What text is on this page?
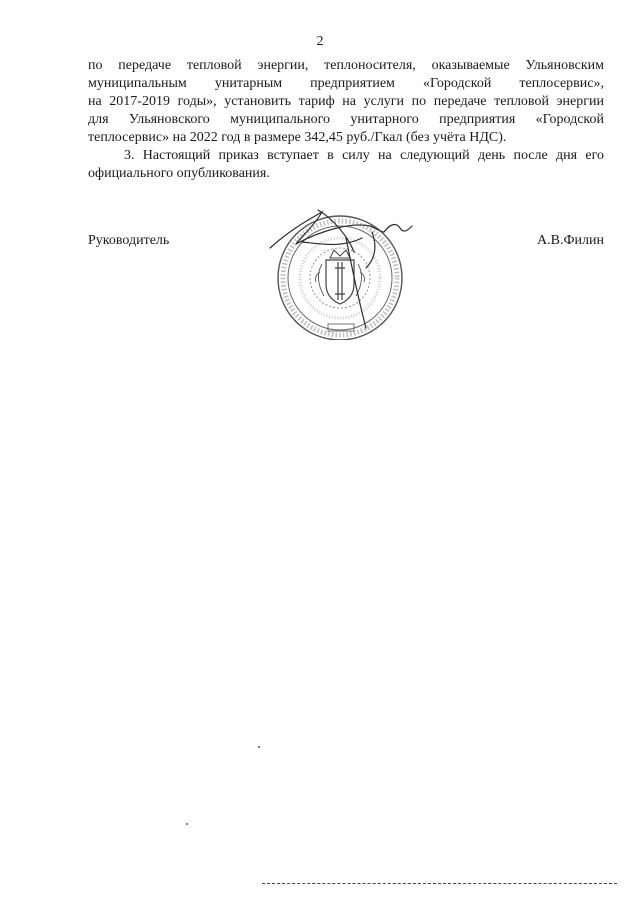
2

по передаче тепловой энергии, теплоносителя, оказываемые Ульяновским
муниципальным унитарным предприятием «Городской теплосервис»,
на 2017-2019 годы», установить тариф на услуги по передаче тепловой энергии
для Ульяновского муниципального унитарного предприятия «Городской
теплосервис» на 2022 год в размере 342,45 руб./Гкал (без учёта НДС).

3. Настоящий приказ вступает в силу на следующий день после дня его
официального опубликования.

Руководитель	А.В.Филин
